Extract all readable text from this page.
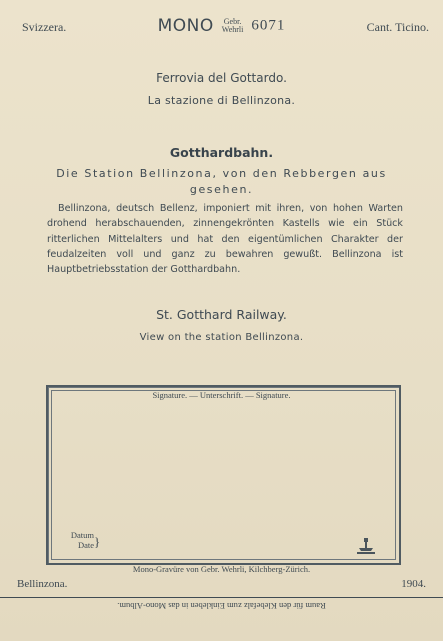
Svizzera.	MONO Gebr.
Wehrli 6071	Cant. Ticino.
Ferrovia del Gottardo.
La stazione di Bellinzona.
Gotthardbahn.
Die Station Bellinzona, von den Rebbergen aus gesehen.
Bellinzona, deutsch Bellenz, imponiert mit ihren, von hohen Warten drohend herabschauenden, zinnengekrönten Kastells wie ein Stück ritterlichen Mittelalters und hat den eigentümlichen Charakter der feudalzeiten voll und ganz zu bewahren gewußt. Bellinzona ist Hauptbetriebsstation der Gotthardbahn.
St. Gotthard Railway.
View on the station Bellinzona.
Signature. — Unterschrift. — Signature.
Datum
Date }
Mono-Gravüre von Gebr. Wehrli, Kilchberg-Zürich.
Bellinzona.	1904.
Raum für den Klebefalz zum Einkleben in das Mono-Album.
